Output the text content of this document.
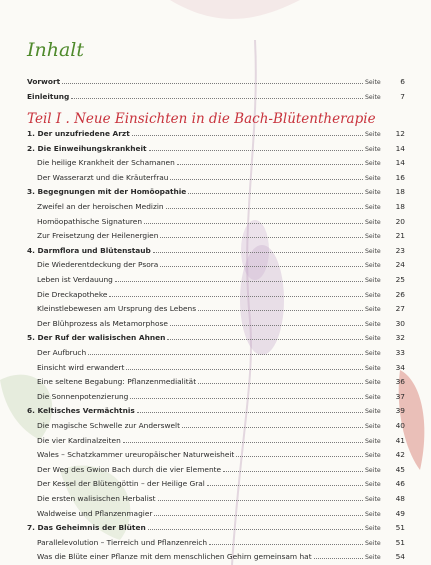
Inhalt
Vorwort	Seite	6
Einleitung	Seite	7
Teil I . Neue Einsichten in die Bach-Blütentherapie
1. Der unzufriedene Arzt	Seite	12
2. Die Einweihungskrankheit	Seite	14
Die heilige Krankheit der Schamanen	Seite	14
Der Wasserarzt und die Kräuterfrau	Seite	16
3. Begegnungen mit der Homöopathie	Seite	18
Zweifel an der heroischen Medizin	Seite	18
Homöopathische Signaturen	Seite	20
Zur Freisetzung der Heilenergien	Seite	21
4. Darmflora und Blütenstaub	Seite	23
Die Wiederentdeckung der Psora	Seite	24
Leben ist Verdauung	Seite	25
Die Dreckapotheke	Seite	26
Kleinstlebewesen am Ursprung des Lebens	Seite	27
Der Blühprozess als Metamorphose	Seite	30
5. Der Ruf der walisischen Ahnen	Seite	32
Der Aufbruch	Seite	33
Einsicht wird erwandert	Seite	34
Eine seltene Begabung: Pflanzenmedialität	Seite	36
Die Sonnenpotenzierung	Seite	37
6. Keltisches Vermächtnis	Seite	39
Die magische Schwelle zur Anderswelt	Seite	40
Die vier Kardinalzeiten	Seite	41
Wales – Schatzkammer ureuropäischer Naturweisheit	Seite	42
Der Weg des Gwion Bach durch die vier Elemente	Seite	45
Der Kessel der Blütengöttin – der Heilige Gral	Seite	46
Die ersten walisischen Herbalist	Seite	48
Waldweise und Pflanzenmagier	Seite	49
7. Das Geheimnis der Blüten	Seite	51
Parallelevolution – Tierreich und Pflanzenreich	Seite	51
Was die Blüte einer Pflanze mit dem menschlichen Gehirn gemeinsam hat	Seite	54
